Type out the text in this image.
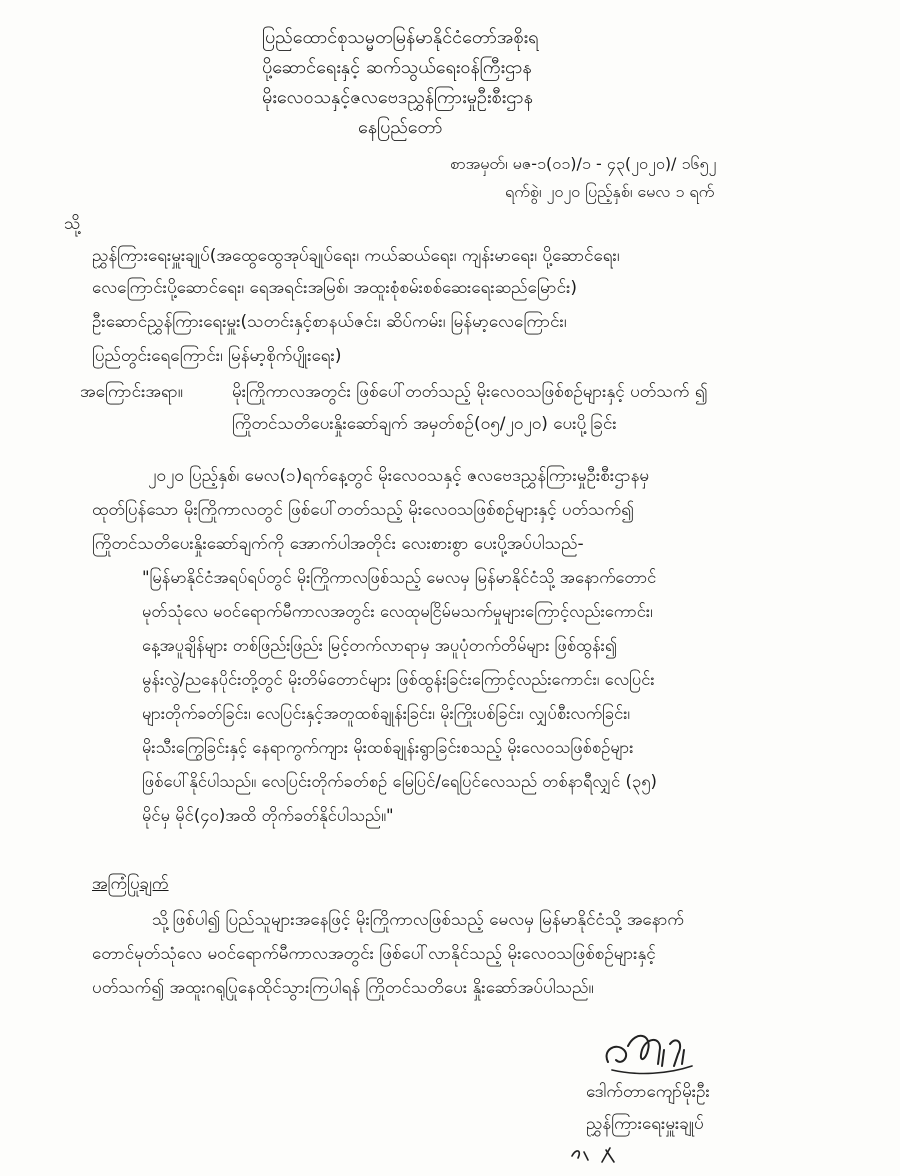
ပြည်ထောင်စုသမ္မတမြန်မာနိုင်ငံတော်အစိုးရ
ပို့ဆောင်ရေးနှင့် ဆက်သွယ်ရေးဝန်ကြီးဌာန
မိုးလေဝသနှင့်ဇလဗေဒညွှန်ကြားမှုဦးစီးဌာန
နေပြည်တော်
စာအမှတ်၊ မဇ-၁(၀၁)/၁ - ၄၃(၂၀၂၀)/ ၁၆၅၂
ရက်စွဲ၊ ၂၀၂၀ ပြည့်နှစ်၊ မေလ ၁ ရက်
သို့
ညွှန်ကြားရေးမှူးချုပ်(အထွေထွေအုပ်ချုပ်ရေး၊ ကယ်ဆယ်ရေး၊ ကျန်းမာရေး၊ ပို့ဆောင်ရေး၊
လေကြောင်းပို့ဆောင်ရေး၊ ရေအရင်းအမြစ်၊ အထူးစုံစမ်းစစ်ဆေးရေးဆည်မြောင်း)
ဦးဆောင်ညွှန်ကြားရေးမှူး(သတင်းနှင့်စာနယ်ဇင်း၊ ဆိပ်ကမ်း၊ မြန်မာ့လေကြောင်း၊
ပြည်တွင်းရေကြောင်း၊ မြန်မာ့စိုက်ပျိုးရေး)
အကြောင်းအရာ။	မိုးကြိုကာလအတွင်း ဖြစ်ပေါ်တတ်သည့် မိုးလေဝသဖြစ်စဉ်များနှင့် ပတ်သက် ၍
ကြိုတင်သတိပေးနှိုးဆော်ချက် အမှတ်စဉ်(၀၅/၂၀၂၀) ပေးပို့ခြင်း
၂၀၂၀ ပြည့်နှစ်၊ မေလ(၁)ရက်နေ့တွင် မိုးလေဝသနှင့် ဇလဗေဒညွှန်ကြားမှုဦးစီးဌာနမှ
ထုတ်ပြန်သော မိုးကြိုကာလတွင် ဖြစ်ပေါ်တတ်သည့် မိုးလေဝသဖြစ်စဉ်များနှင့် ပတ်သက်၍
ကြိုတင်သတိပေးနှိုးဆော်ချက်ကို အောက်ပါအတိုင်း လေးစားစွာ ပေးပို့အပ်ပါသည်-
"မြန်မာနိုင်ငံအရပ်ရပ်တွင် မိုးကြိုကာလဖြစ်သည့် မေလမှ မြန်မာနိုင်ငံသို့ အနောက်တောင်
မုတ်သုံလေ မဝင်ရောက်မီကာလအတွင်း လေထုမငြိမ်မသက်မှုများကြောင့်လည်းကောင်း၊
နေ့အပူချိန်များ တစ်ဖြည်းဖြည်း မြင့်တက်လာရာမှ အပူပုံတက်တိမ်များ ဖြစ်ထွန်း၍
မွန်းလွဲ/ညနေပိုင်းတို့တွင် မိုးတိမ်တောင်များ ဖြစ်ထွန်းခြင်းကြောင့်လည်းကောင်း၊ လေပြင်း
များတိုက်ခတ်ခြင်း၊ လေပြင်းနှင့်အတူထစ်ချုန်းခြင်း၊ မိုးကြိုးပစ်ခြင်း၊ လျှပ်စီးလက်ခြင်း၊
မိုးသီးကြွေခြင်းနှင့် နေရာကွက်ကျား မိုးထစ်ချုန်းရွာခြင်းစသည့် မိုးလေဝသဖြစ်စဉ်များ
ဖြစ်ပေါ်နိုင်ပါသည်။ လေပြင်းတိုက်ခတ်စဉ် မြေပြင်/ရေပြင်လေသည် တစ်နာရီလျှင် (၃၅)
မိုင်မှ မိုင်(၄၀)အထိ တိုက်ခတ်နိုင်ပါသည်။"
အကြံပြုချက်
သို့ဖြစ်ပါ၍ ပြည်သူများအနေဖြင့် မိုးကြိုကာလဖြစ်သည့် မေလမှ မြန်မာနိုင်ငံသို့ အနောက်
တောင်မုတ်သုံလေ မဝင်ရောက်မီကာလအတွင်း ဖြစ်ပေါ်လာနိုင်သည့် မိုးလေဝသဖြစ်စဉ်များနှင့်
ပတ်သက်၍ အထူးဂရုပြုနေထိုင်သွားကြပါရန် ကြိုတင်သတိပေး နှိုးဆော်အပ်ပါသည်။
ဒေါက်တာကျော်မိုးဦး
ညွှန်ကြားရေးမှူးချုပ်
